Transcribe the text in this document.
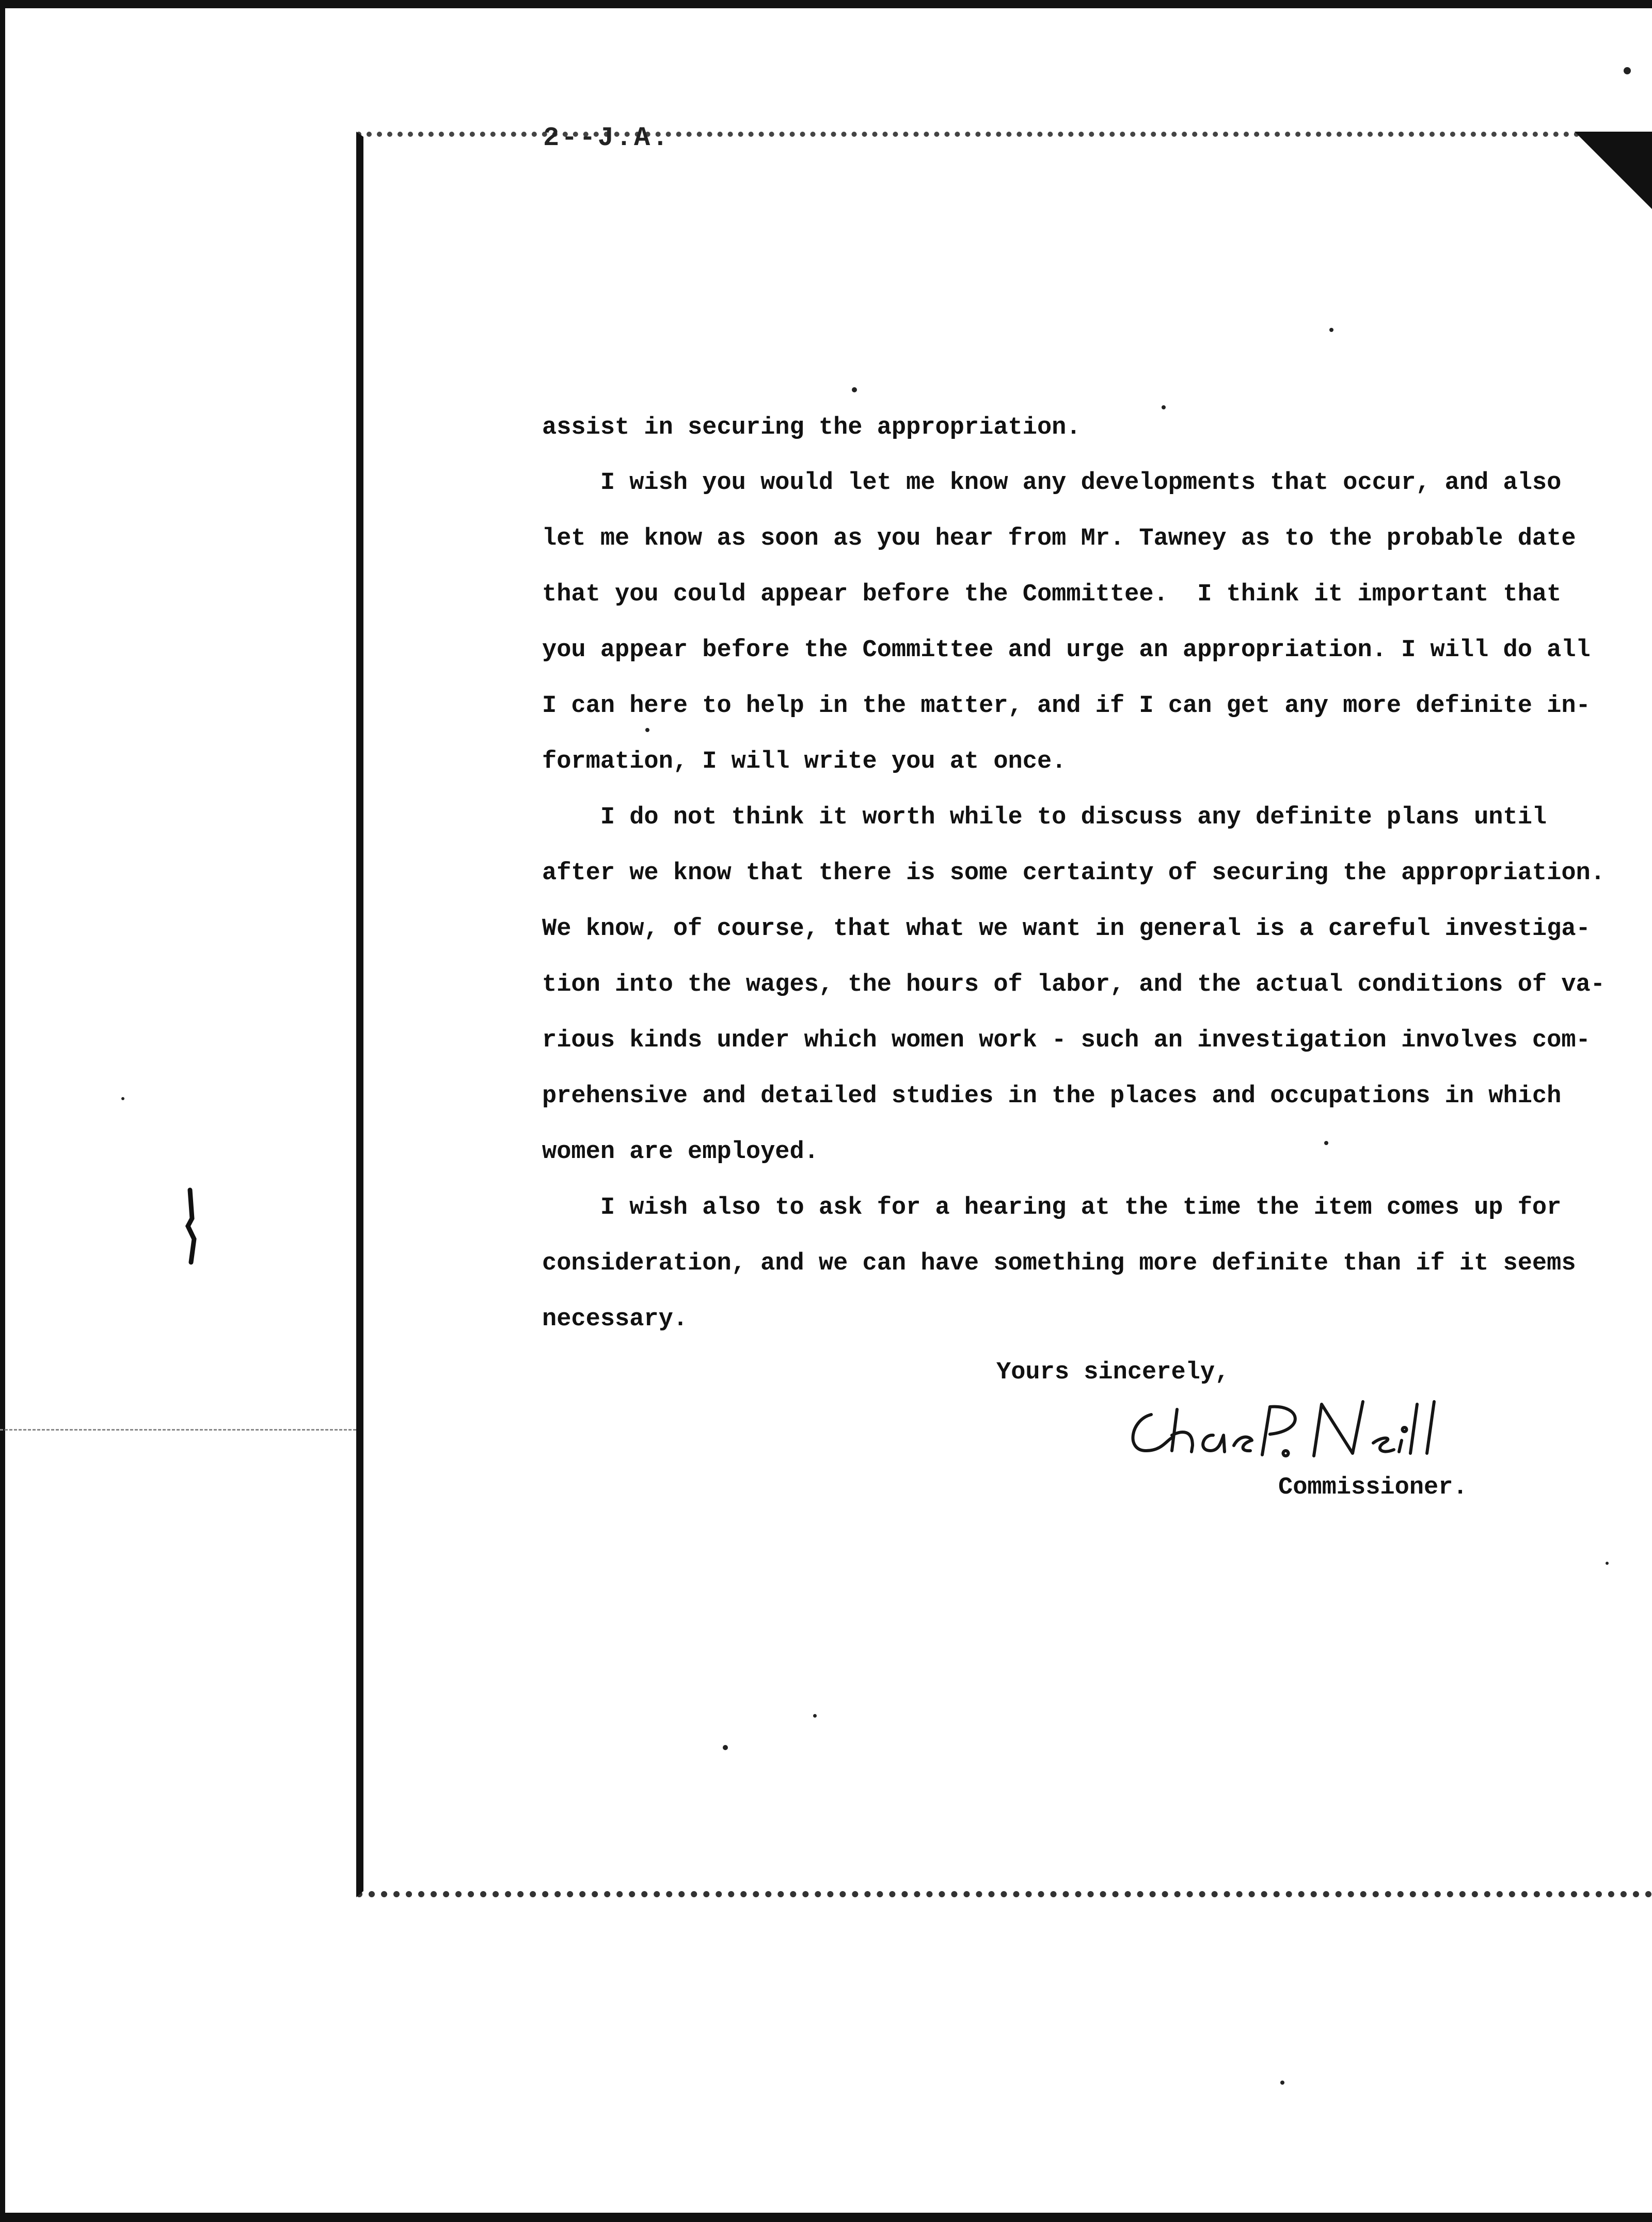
2--J.A.
assist in securing the appropriation.
I wish you would let me know any developments that occur, and also
let me know as soon as you hear from Mr. Tawney as to the probable date
that you could appear before the Committee.  I think it important that
you appear before the Committee and urge an appropriation. I will do all
I can here to help in the matter, and if I can get any more definite in-
formation, I will write you at once.
I do not think it worth while to discuss any definite plans until
after we know that there is some certainty of securing the appropriation.
We know, of course, that what we want in general is a careful investiga-
tion into the wages, the hours of labor, and the actual conditions of va-
rious kinds under which women work - such an investigation involves com-
prehensive and detailed studies in the places and occupations in which
women are employed.
I wish also to ask for a hearing at the time the item comes up for
consideration, and we can have something more definite than if it seems
necessary.
Yours sincerely,
Commissioner.
